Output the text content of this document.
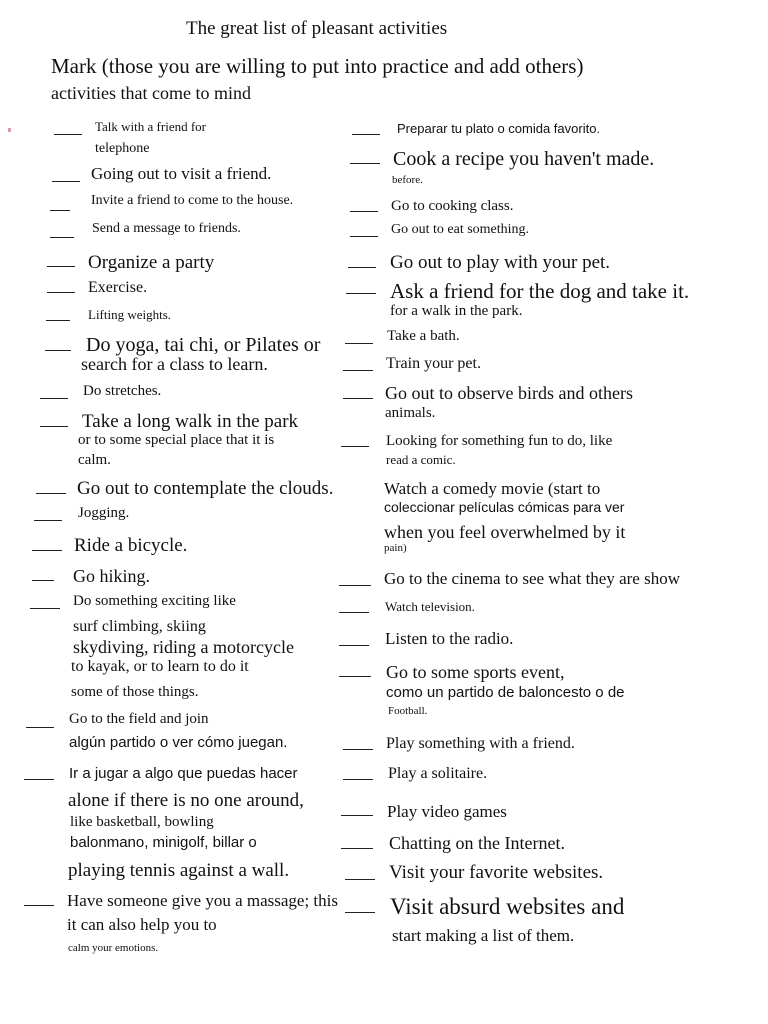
The great list of pleasant activities
Mark (those you are willing to put into practice and add others)
activities that come to mind
Talk with a friend for
telephone
Going out to visit a friend.
Invite a friend to come to the house.
Send a message to friends.
Organize a party
Exercise.
Lifting weights.
Do yoga, tai chi, or Pilates or
search for a class to learn.
Do stretches.
Take a long walk in the park
or to some special place that it is
calm.
Go out to contemplate the clouds.
Jogging.
Ride a bicycle.
Go hiking.
Do something exciting like
surf climbing, skiing
skydiving, riding a motorcycle
to kayak, or to learn to do it
some of those things.
Go to the field and join
algún partido o ver cómo juegan.
Ir a jugar a algo que puedas hacer
alone if there is no one around,
like basketball, bowling
balonmano, minigolf, billar o
playing tennis against a wall.
Have someone give you a massage; this
it can also help you to
calm your emotions.
Preparar tu plato o comida favorito.
Cook a recipe you haven't made.
before.
Go to cooking class.
Go out to eat something.
Go out to play with your pet.
Ask a friend for the dog and take it.
for a walk in the park.
Take a bath.
Train your pet.
Go out to observe birds and others
animals.
Looking for something fun to do, like
read a comic.
Watch a comedy movie (start to
coleccionar películas cómicas para ver
when you feel overwhelmed by it
pain)
Go to the cinema to see what they are show
Watch television.
Listen to the radio.
Go to some sports event,
como un partido de baloncesto o de
Football.
Play something with a friend.
Play a solitaire.
Play video games
Chatting on the Internet.
Visit your favorite websites.
Visit absurd websites and
start making a list of them.
